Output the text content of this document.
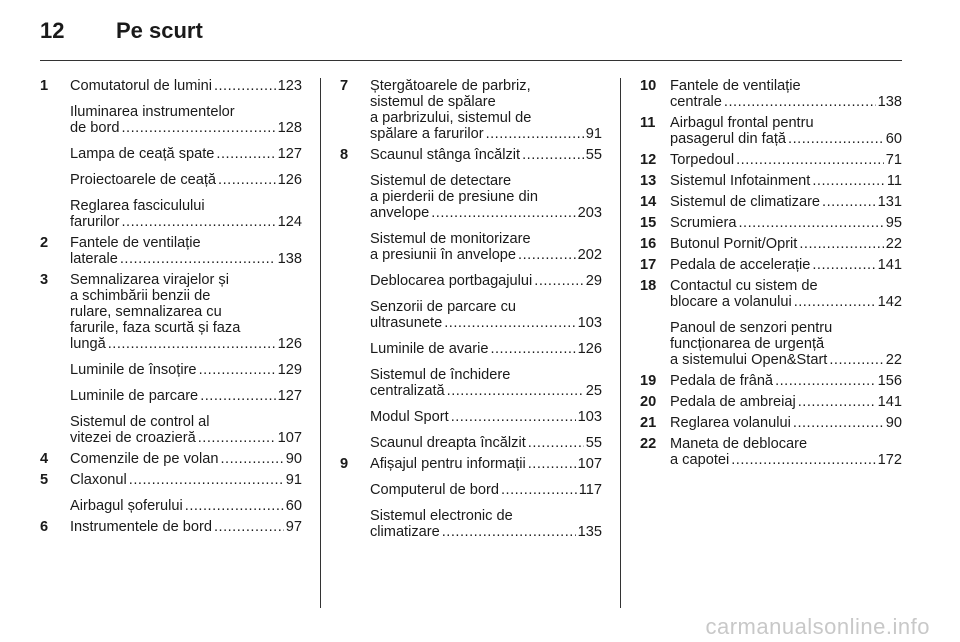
12	Pe scurt
1	Comutatorul de lumini .....	123
Iluminarea instrumentelor
de bord .....	128
Lampa de ceață spate .....	127
Proiectoarele de ceață .....	126
Reglarea fasciculului
farurilor .....	124
2	Fantele de ventilație
laterale .....	138
3	Semnalizarea virajelor și
a schimbării benzii de
rulare, semnalizarea cu
farurile, faza scurtă și faza
lungă .....	126
Luminile de însoțire .....	129
Luminile de parcare .....	127
Sistemul de control al
vitezei de croazieră .....	107
4	Comenzile de pe volan .....	90
5	Claxonul .....	91
Airbagul șoferului .....	60
6	Instrumentele de bord .....	97
7	Ștergătoarele de parbriz,
sistemul de spălare
a parbrizului, sistemul de
spălare a farurilor .....	91
8	Scaunul stânga încălzit .....	55
Sistemul de detectare
a pierderii de presiune din
anvelope .....	203
Sistemul de monitorizare
a presiunii în anvelope .....	202
Deblocarea portbagajului .....	29
Senzorii de parcare cu
ultrasunete .....	103
Luminile de avarie .....	126
Sistemul de închidere
centralizată .....	25
Modul Sport .....	103
Scaunul dreapta încălzit .....	55
9	Afișajul pentru informații .....	107
Computerul de bord .....	117
Sistemul electronic de
climatizare .....	135
10 Fantele de ventilație
centrale .....	138
11 Airbagul frontal pentru
pasagerul din față .....	60
12 Torpedoul .....	71
13 Sistemul Infotainment .....	11
14 Sistemul de climatizare .....	131
15 Scrumiera .....	95
16 Butonul Pornit/Oprit .....	22
17 Pedala de accelerație .....	141
18 Contactul cu sistem de
blocare a volanului .....	142
Panoul de senzori pentru
funcționarea de urgență
a sistemului Open&Start .....	22
19 Pedala de frână .....	156
20 Pedala de ambreiaj .....	141
21 Reglarea volanului .....	90
22 Maneta de deblocare
a capotei .....	172
carmanualsonline.info
